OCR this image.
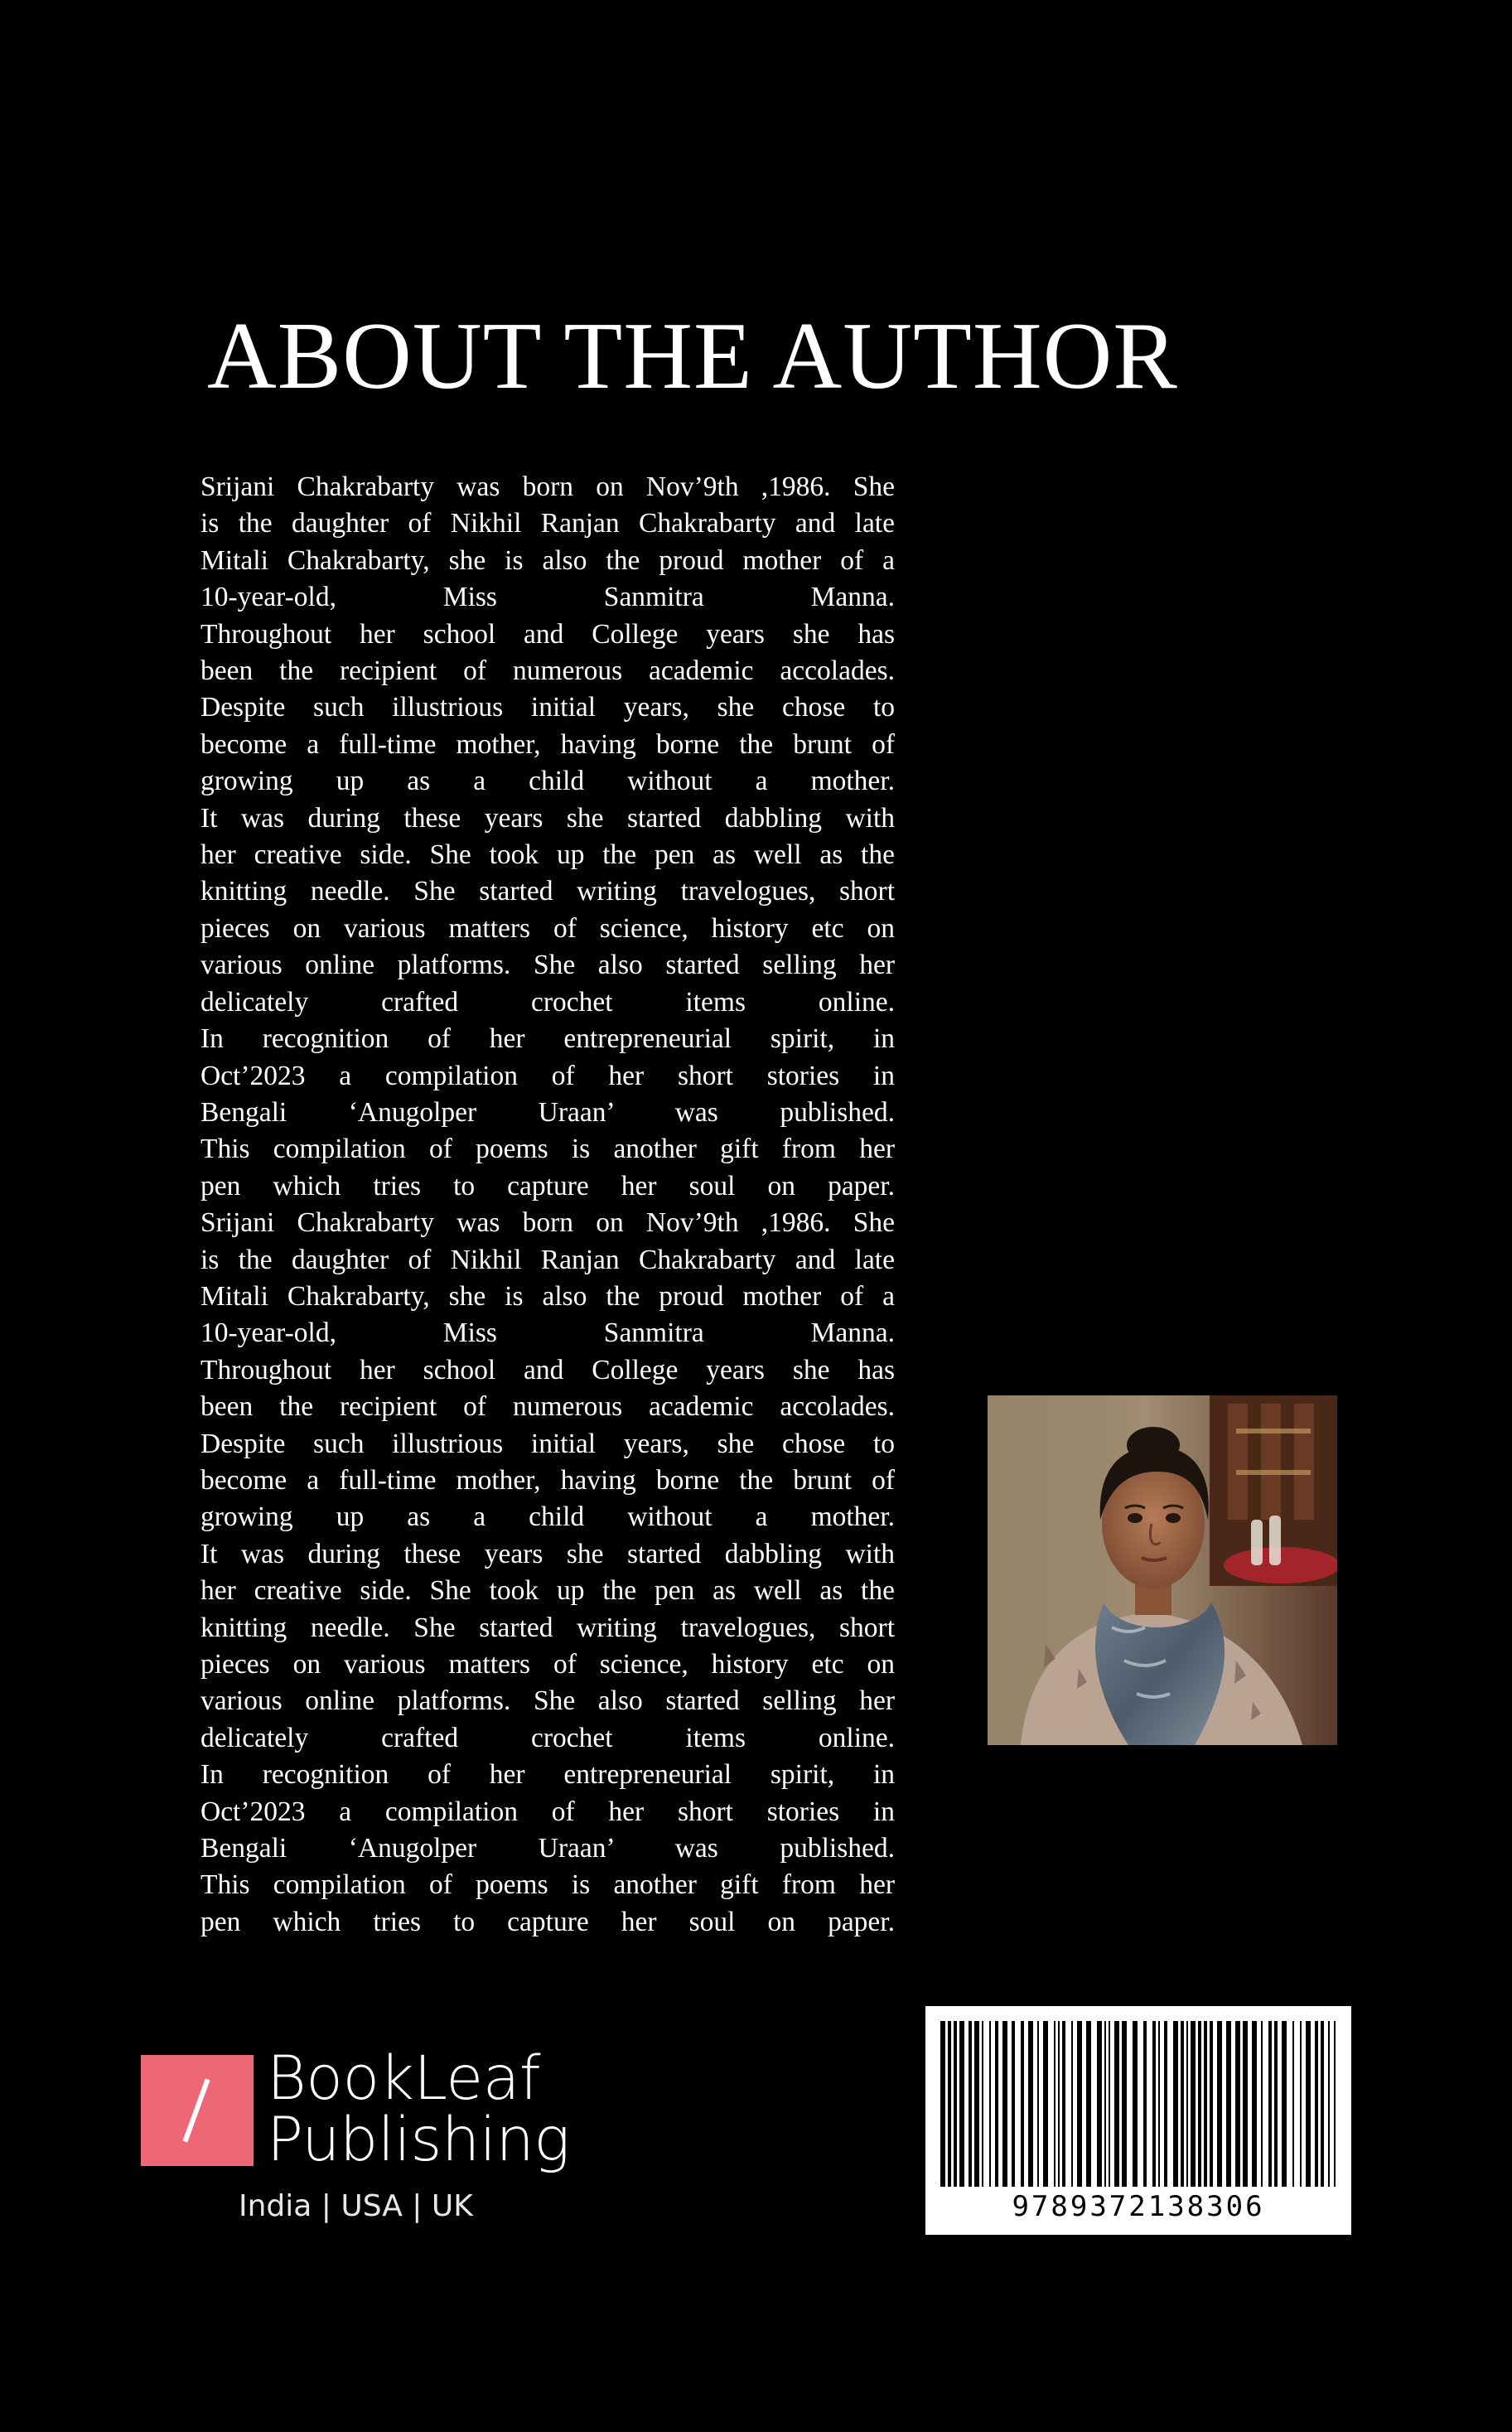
ABOUT THE AUTHOR

Srijani Chakrabarty was born on Nov’9th ,1986. She

is the daughter of Nikhil Ranjan Chakrabarty and late

Mitali Chakrabarty, she is also the proud mother of a

10-year-old, Miss Sanmitra Manna.

Throughout her school and College years she has

been the recipient of numerous academic accolades.

Despite such illustrious initial years, she chose to

become a full-time mother, having borne the brunt of

growing up as a child without a mother.

It was during these years she started dabbling with

her creative side. She took up the pen as well as the

knitting needle. She started writing travelogues, short

pieces on various matters of science, history etc on

various online platforms. She also started selling her

delicately crafted crochet items online.

In recognition of her entrepreneurial spirit, in

Oct’2023 a compilation of her short stories in

Bengali ‘Anugolper Uraan’ was published.

This compilation of poems is another gift from her

pen which tries to capture her soul on paper.

Srijani Chakrabarty was born on Nov’9th ,1986. She

is the daughter of Nikhil Ranjan Chakrabarty and late

Mitali Chakrabarty, she is also the proud mother of a

10-year-old, Miss Sanmitra Manna.

Throughout her school and College years she has

been the recipient of numerous academic accolades.

Despite such illustrious initial years, she chose to

become a full-time mother, having borne the brunt of

growing up as a child without a mother.

It was during these years she started dabbling with

her creative side. She took up the pen as well as the

knitting needle. She started writing travelogues, short

pieces on various matters of science, history etc on

various online platforms. She also started selling her

delicately crafted crochet items online.

In recognition of her entrepreneurial spirit, in

Oct’2023 a compilation of her short stories in

Bengali ‘Anugolper Uraan’ was published.

This compilation of poems is another gift from her

pen which tries to capture her soul on paper.

BookLeaf
Publishing
India | USA | UK	9789372138306
